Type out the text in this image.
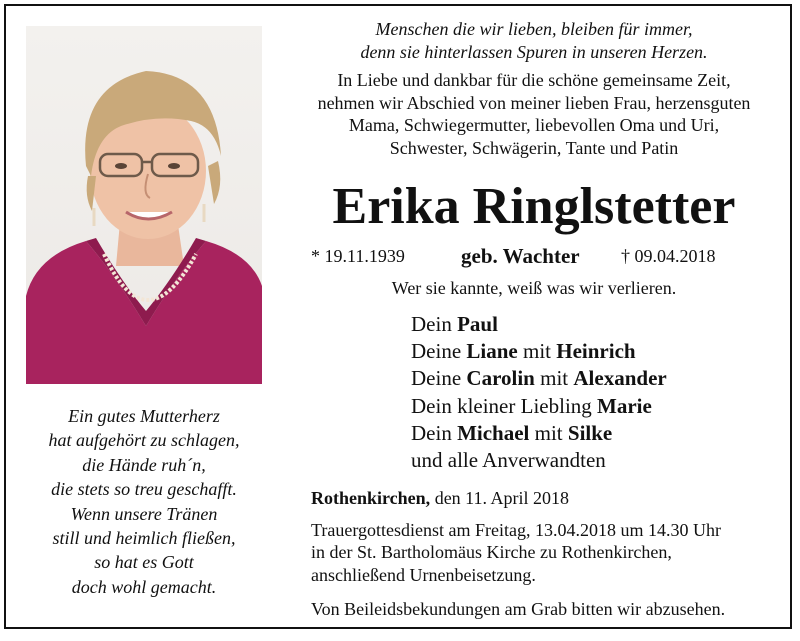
Ein gutes Mutterherz
hat aufgehört zu schlagen,
die Hände ruh´n,
die stets so treu geschafft.
Wenn unsere Tränen
still und heimlich fließen,
so hat es Gott
doch wohl gemacht.
Menschen die wir lieben, bleiben für immer,
denn sie hinterlassen Spuren in unseren Herzen.
In Liebe und dankbar für die schöne gemeinsame Zeit,
nehmen wir Abschied von meiner lieben Frau, herzensguten
Mama, Schwiegermutter, liebevollen Oma und Uri,
Schwester, Schwägerin, Tante und Patin
Erika Ringlstetter
* 19.11.1939	geb. Wachter † 09.04.2018
Wer sie kannte, weiß was wir verlieren.
Dein Paul
Deine Liane mit Heinrich
Deine Carolin mit Alexander
Dein kleiner Liebling Marie
Dein Michael mit Silke
und alle Anverwandten
Rothenkirchen, den 11. April 2018
Trauergottesdienst am Freitag, 13.04.2018 um 14.30 Uhr
in der St. Bartholomäus Kirche zu Rothenkirchen,
anschließend Urnenbeisetzung.
Von Beileidsbekundungen am Grab bitten wir abzusehen.
